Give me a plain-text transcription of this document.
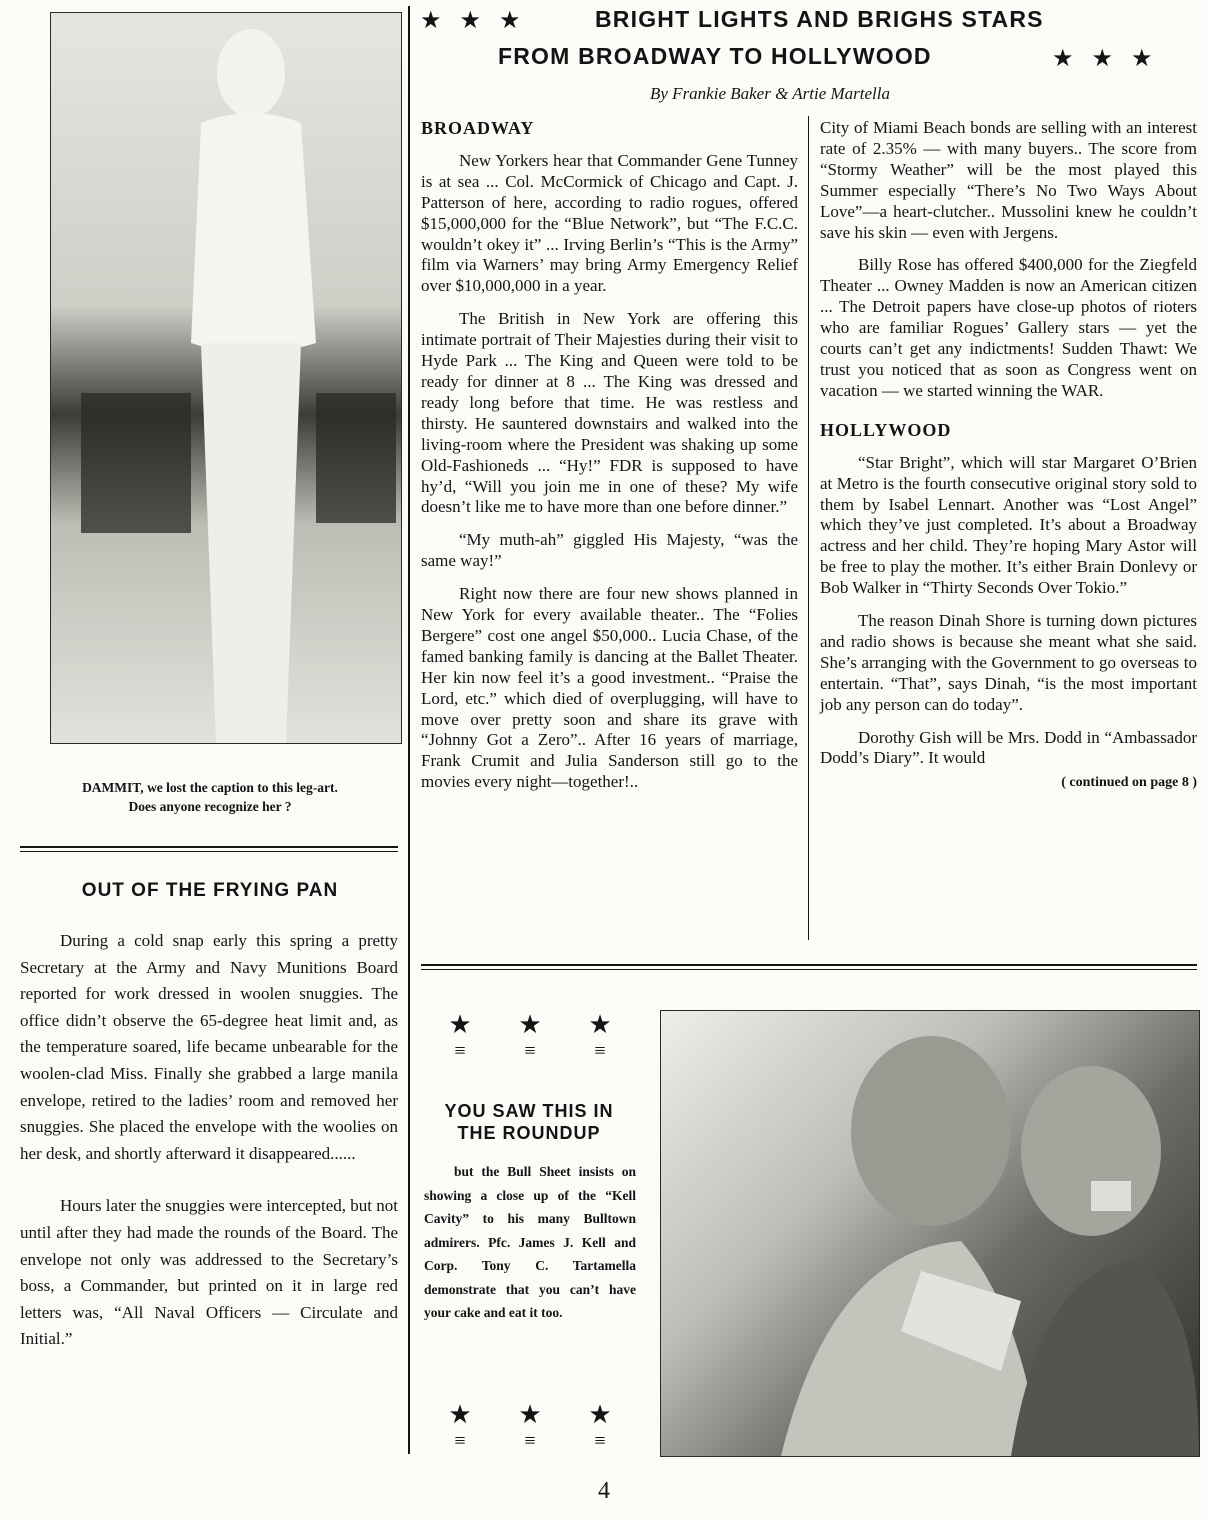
DAMMIT, we lost the caption to this leg-art.
Does anyone recognize her ?
OUT OF THE FRYING PAN

During a cold snap early this spring a pretty Secretary at the Army and Navy Munitions Board reported for work dressed in woolen snuggies. The office didn’t observe the 65-degree heat limit and, as the temperature soared, life became unbearable for the woolen-clad Miss. Finally she grabbed a large manila envelope, retired to the ladies’ room and removed her snuggies. She placed the envelope with the woolies on her desk, and shortly afterward it disappeared......

Hours later the snuggies were intercepted, but not until after they had made the rounds of the Board. The envelope not only was addressed to the Secretary’s boss, a Commander, but printed on it in large red letters was, “All Naval Officers — Circulate and Initial.”

★   ★   ★	BRIGHT LIGHTS AND BRIGHS STARS
FROM BROADWAY TO HOLLYWOOD	★   ★   ★
By Frankie Baker & Artie Martella
BROADWAY

New Yorkers hear that Commander Gene Tunney is at sea ... Col. McCormick of Chicago and Capt. J. Patterson of here, according to radio rogues, offered $15,000,000 for the “Blue Network”, but “The F.C.C. wouldn’t okey it” ... Irving Berlin’s “This is the Army” film via Warners’ may bring Army Emergency Relief over $10,000,000 in a year.

The British in New York are offering this intimate portrait of Their Majesties during their visit to Hyde Park ... The King and Queen were told to be ready for dinner at 8 ... The King was dressed and ready long before that time. He was restless and thirsty. He sauntered downstairs and walked into the living-room where the President was shaking up some Old-Fashioneds ... “Hy!” FDR is supposed to have hy’d, “Will you join me in one of these? My wife doesn’t like me to have more than one before dinner.”

“My muth-ah” giggled His Majesty, “was the same way!”

Right now there are four new shows planned in New York for every available theater.. The “Folies Bergere” cost one angel $50,000.. Lucia Chase, of the famed banking family is dancing at the Ballet Theater. Her kin now feel it’s a good investment.. “Praise the Lord, etc.” which died of overplugging, will have to move over pretty soon and share its grave with “Johnny Got a Zero”.. After 16 years of marriage, Frank Crumit and Julia Sanderson still go to the movies every night—together!..

City of Miami Beach bonds are selling with an interest rate of 2.35% — with many buyers.. The score from “Stormy Weather” will be the most played this Summer especially “There’s No Two Ways About Love”—a heart-clutcher.. Mussolini knew he couldn’t save his skin — even with Jergens.

Billy Rose has offered $400,000 for the Ziegfeld Theater ... Owney Madden is now an American citizen ... The Detroit papers have close-up photos of rioters who are familiar Rogues’ Gallery stars — yet the courts can’t get any indictments! Sudden Thawt: We trust you noticed that as soon as Congress went on vacation — we started winning the WAR.

HOLLYWOOD

“Star Bright”, which will star Margaret O’Brien at Metro is the fourth consecutive original story sold to them by Isabel Lennart. Another was “Lost Angel” which they’ve just completed. It’s about a Broadway actress and her child. They’re hoping Mary Astor will be free to play the mother. It’s either Brain Donlevy or Bob Walker in “Thirty Seconds Over Tokio.”

The reason Dinah Shore is turning down pictures and radio shows is because she meant what she said. She’s arranging with the Government to go overseas to entertain. “That”, says Dinah, “is the most important job any person can do today”.

Dorothy Gish will be Mrs. Dodd in “Ambassador Dodd’s Diary”. It would

( continued on page 8 )
★ ★ ★
≡	≡	≡
YOU SAW THIS IN
THE ROUNDUP
but the Bull Sheet insists on showing a close up of the “Kell Cavity” to his many Bulltown admirers. Pfc. James J. Kell and Corp. Tony C. Tartamella demonstrate that you can’t have your cake and eat it too.
★ ★ ★
≡	≡	≡
4
